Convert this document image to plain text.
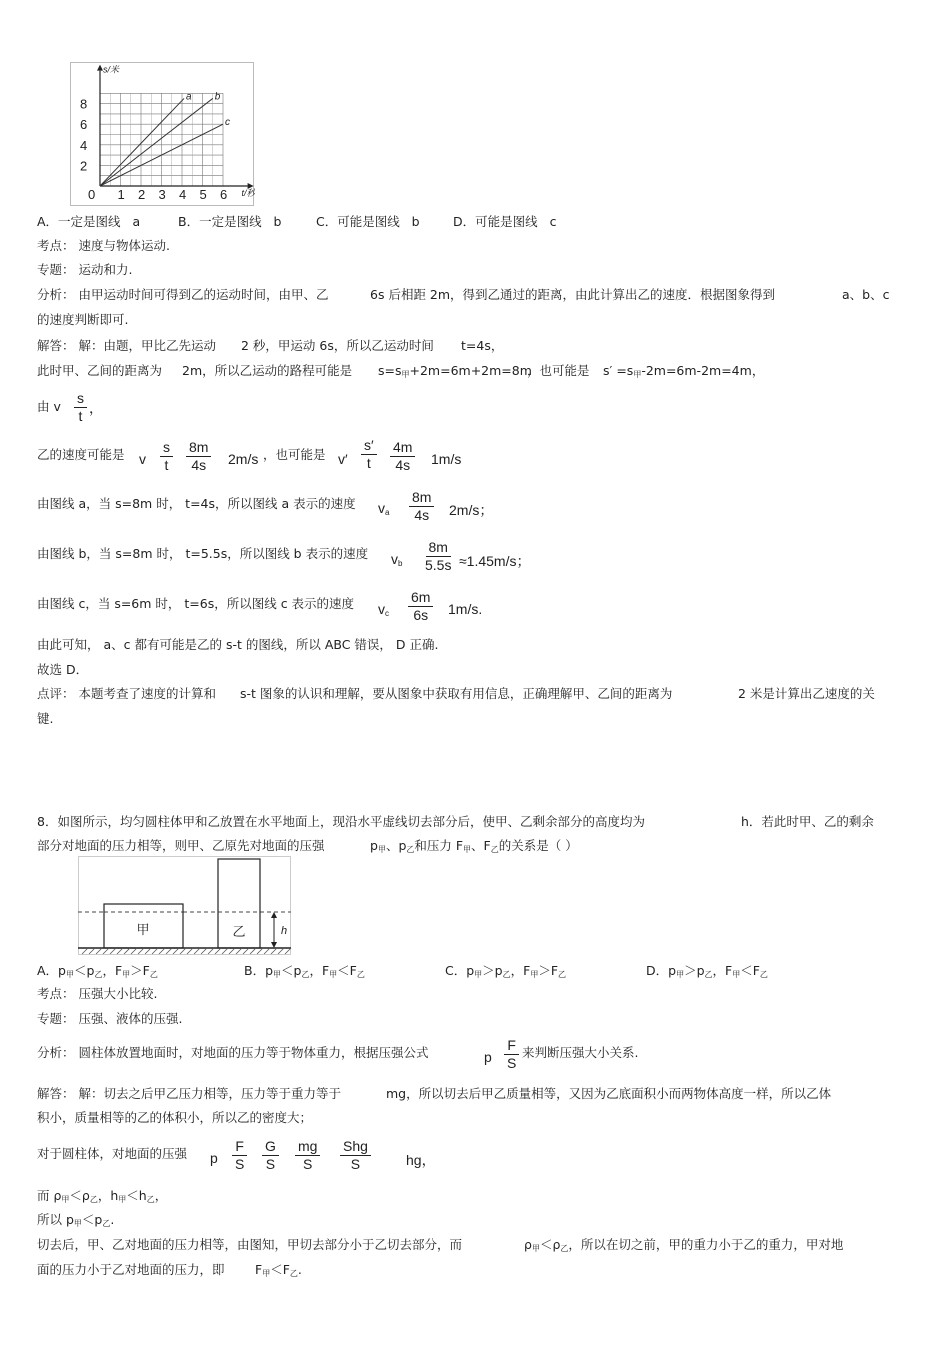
t/秒
s/米
0 1 2 3 4 5 6
2
4
6
8	a b
c
A．一定是图线 a	B．一定是图线 b	C．可能是图线 b	D．可能是图线 c
考点： 速度与物体运动.
专题： 运动和力.
分析： 由甲运动时间可得到乙的运动时间，由甲、乙	6s 后相距 2m，得到乙通过的距离，由此计算出乙的速度．根据图象得到	a、b、c
的速度判断即可.
解答： 解：由题，甲比乙先运动 2 秒，甲运动 6s，所以乙运动时间 t=4s，
此时甲、乙间的距离为 2m，所以乙运动的路程可能是 s=s甲+2m=6m+2m=8m
，也可能是 s′ =s甲-2m=6m-2m=4m，
由 v $\frac{s}{t}$ ，
乙的速度可能是 v $\frac{s}{t} \frac{8m}{4s} 2m/s$ ，也可能是 $v' \frac{s'}{t} \frac{4m}{4s} 1m/s$
由图线 a，当 s=8m 时， t=4s，所以图线 a 表示的速度 va $\frac{8m}{4s} 2m/s$；
由图线 b，当 s=8m 时， t=5.5s，所以图线 b 表示的速度 vb $\frac{8m}{5.5s} \approx 1.45m/s$；
由图线 c，当 s=6m 时， t=6s，所以图线 c 表示的速度 vc $\frac{6m}{6s} 1m/s$.
由此可知， a、c 都有可能是乙的 s-t 的图线，所以 ABC 错误， D 正确.
故选 D．
点评： 本题考查了速度的计算和 s-t 图象的认识和理解，要从图象中获取有用信息，正确理解甲、乙间的距离为	2 米是计算出乙速度的关
键.
8．如图所示，均匀圆柱体甲和乙放置在水平地面上，现沿水平虚线切去部分后，使甲、乙剩余部分的高度均为	h．若此时甲、乙的剩余
部分对地面的压力相等，则甲、乙原先对地面的压强	p甲、p乙和压力 F甲、F乙的关系是（ ）
甲	乙	h
A．p甲＜p乙，F甲＞F乙	B．p甲＜p乙，F甲＜F乙	C．p甲＞p乙，F甲＞F乙	D．p甲＞p乙，F甲＜F乙
考点： 压强大小比较.
专题： 压强、液体的压强.
分析： 圆柱体放置地面时，对地面的压力等于物体重力，根据压强公式	p $\frac{F}{S}$ 来判断压强大小关系.
解答： 解：切去之后甲乙压力相等，压力等于重力等于	mg，所以切去后甲乙质量相等，又因为乙底面积小而两物体高度一样，所以乙体
积小，质量相等的乙的体积小，所以乙的密度大；
对于圆柱体，对地面的压强 p $\frac{F}{S} \frac{G}{S} \frac{mg}{S}$ Shg
S	hg，
而 ρ甲＜ρ乙，h甲＜h乙，
所以 p甲＜p乙.
切去后，甲、乙对地面的压力相等，由图知，甲切去部分小于乙切去部分，而	ρ甲＜ρ乙，所以在切之前，甲的重力小于乙的重力，甲对地
面的压力小于乙对地面的压力，即 F甲＜F乙.
